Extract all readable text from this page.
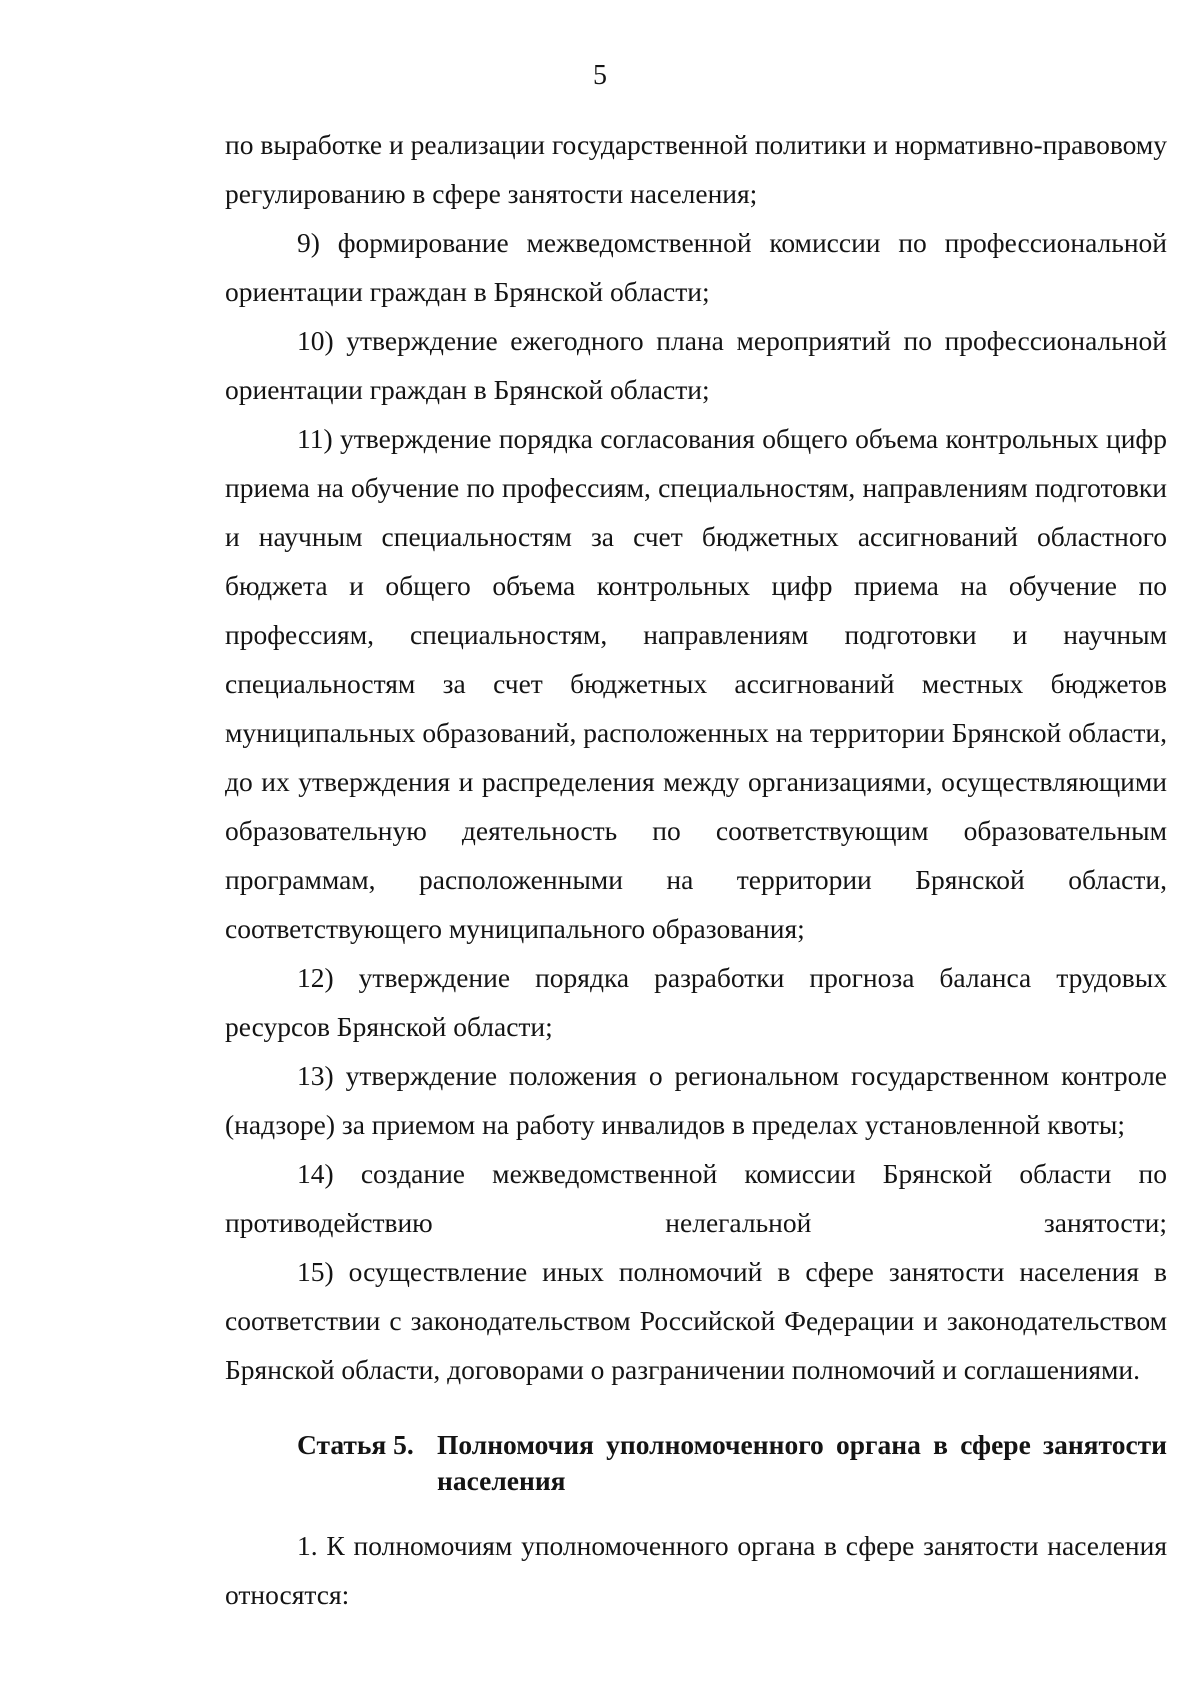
5

по выработке и реализации государственной политики и нормативно-правовому регулированию в сфере занятости населения;

9) формирование межведомственной комиссии по профессиональной ориентации граждан в Брянской области;

10) утверждение ежегодного плана мероприятий по профессиональной ориентации граждан в Брянской области;

11) утверждение порядка согласования общего объема контрольных цифр приема на обучение по профессиям, специальностям, направлениям подготовки и научным специальностям за счет бюджетных ассигнований областного бюджета и общего объема контрольных цифр приема на обучение по профессиям, специальностям, направлениям подготовки и научным специальностям за счет бюджетных ассигнований местных бюджетов муниципальных образований, расположенных на территории Брянской области, до их утверждения и распределения между организациями, осуществляющими образовательную деятельность по соответствующим образовательным программам, расположенными на территории Брянской области, соответствующего муниципального образования;

12) утверждение порядка разработки прогноза баланса трудовых ресурсов Брянской области;

13) утверждение положения о региональном государственном контроле (надзоре) за приемом на работу инвалидов в пределах установленной квоты;

14) создание межведомственной комиссии Брянской области по противодействию нелегальной занятости;

15) осуществление иных полномочий в сфере занятости населения в соответствии с законодательством Российской Федерации и законодательством Брянской области, договорами о разграничении полномочий и соглашениями.

Статья 5. Полномочия уполномоченного органа в сфере занятости населения

1. К полномочиям уполномоченного органа в сфере занятости населения относятся:
